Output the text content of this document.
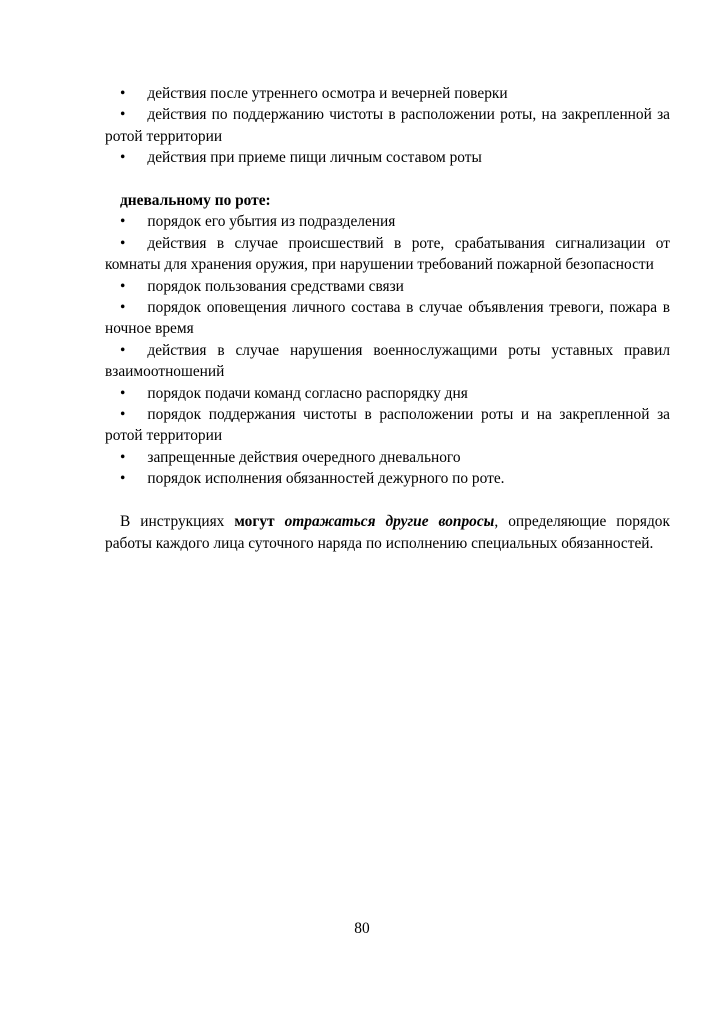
• действия после утреннего осмотра и вечерней поверки

• действия по поддержанию чистоты в расположении роты, на закрепленной за ротой территории

• действия при приеме пищи личным составом роты

дневальному по роте:

• порядок его убытия из подразделения

• действия в случае происшествий в роте, срабатывания сигнализации от комнаты для хранения оружия, при нарушении требований пожарной безопасности

• порядок пользования средствами связи

• порядок оповещения личного состава в случае объявления тревоги, пожара в ночное время

• действия в случае нарушения военнослужащими роты уставных правил взаимоотношений

• порядок подачи команд согласно распорядку дня

• порядок поддержания чистоты в расположении роты и на закрепленной за ротой территории

• запрещенные действия очередного дневального

• порядок исполнения обязанностей дежурного по роте.

В инструкциях могут отражаться другие вопросы, определяющие порядок работы каждого лица суточного наряда по исполнению специальных обязанностей.

80
